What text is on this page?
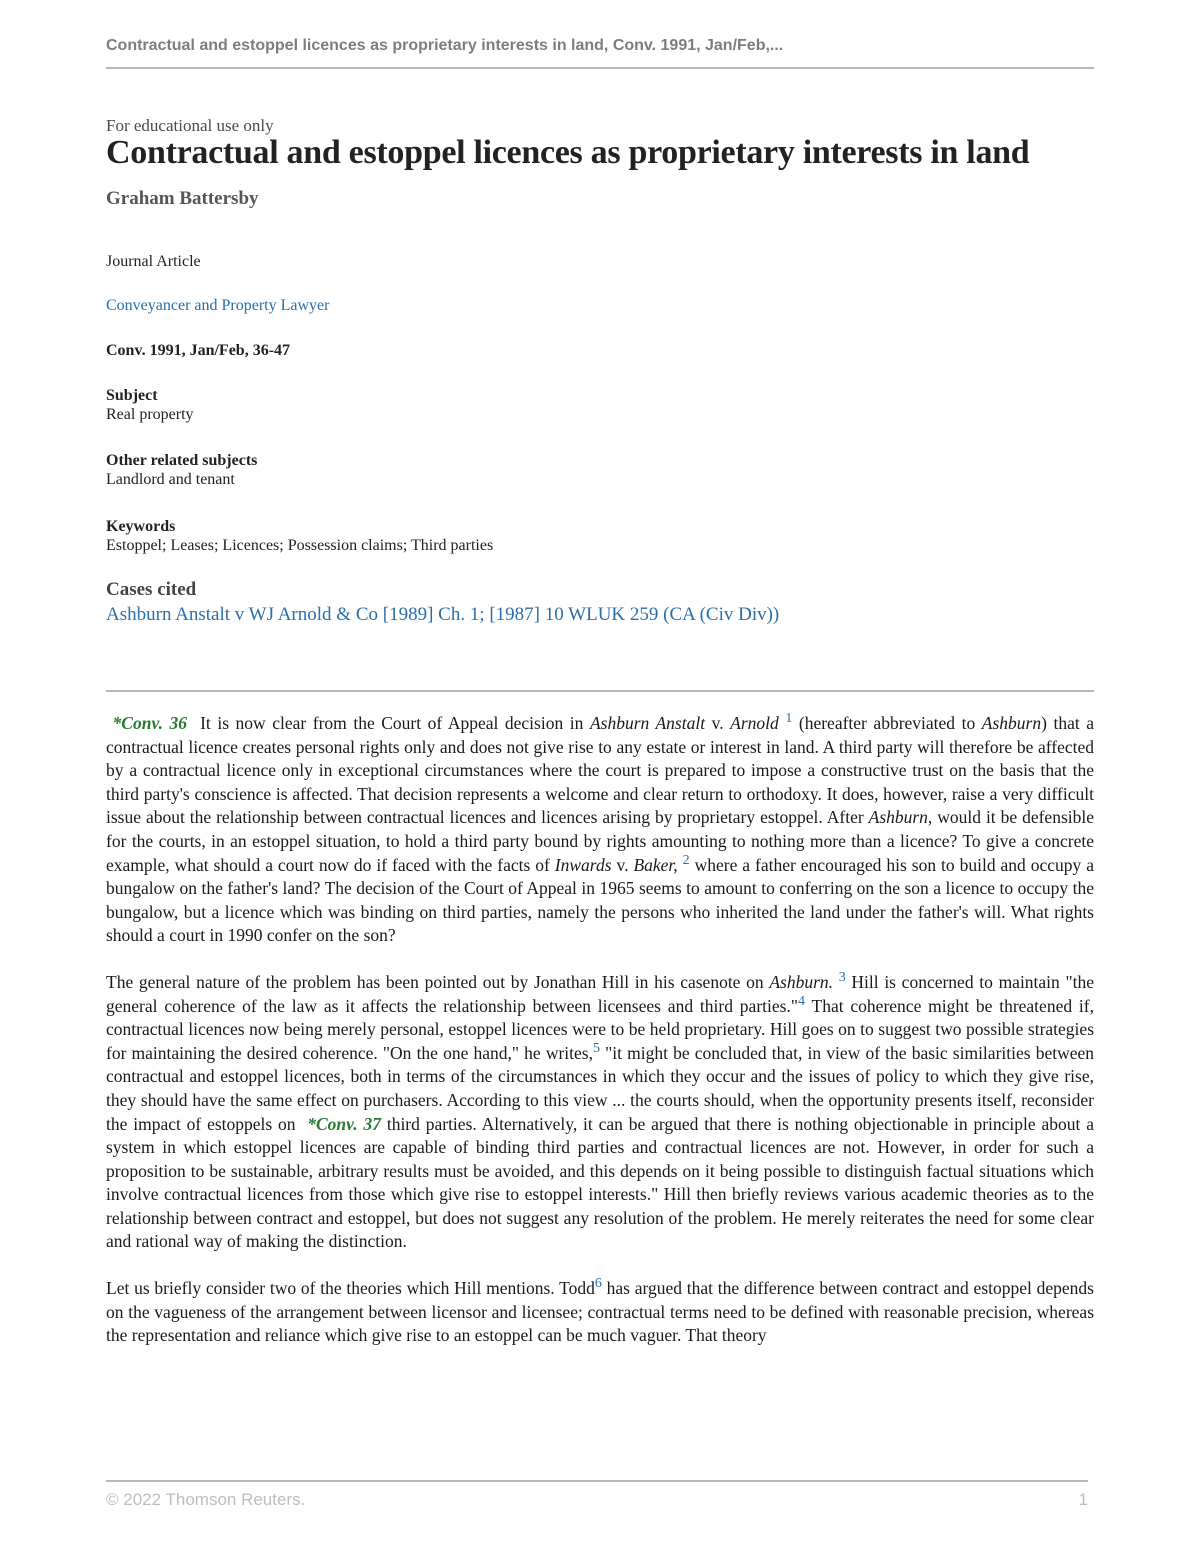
Contractual and estoppel licences as proprietary interests in land, Conv. 1991, Jan/Feb,...
For educational use only
Contractual and estoppel licences as proprietary interests in land
Graham Battersby
Journal Article
Conveyancer and Property Lawyer
Conv. 1991, Jan/Feb, 36-47
Subject
Real property
Other related subjects
Landlord and tenant
Keywords
Estoppel; Leases; Licences; Possession claims; Third parties
Cases cited
Ashburn Anstalt v WJ Arnold & Co [1989] Ch. 1; [1987] 10 WLUK 259 (CA (Civ Div))

*Conv. 36 It is now clear from the Court of Appeal decision in Ashburn Anstalt v. Arnold $^1$ (hereafter abbreviated to Ashburn) that a contractual licence creates personal rights only and does not give rise to any estate or interest in land. A third party will therefore be affected by a contractual licence only in exceptional circumstances where the court is prepared to impose a constructive trust on the basis that the third party's conscience is affected. That decision represents a welcome and clear return to orthodoxy. It does, however, raise a very difficult issue about the relationship between contractual licences and licences arising by proprietary estoppel. After Ashburn, would it be defensible for the courts, in an estoppel situation, to hold a third party bound by rights amounting to nothing more than a licence? To give a concrete example, what should a court now do if faced with the facts of Inwards v. Baker, $^2$ where a father encouraged his son to build and occupy a bungalow on the father's land? The decision of the Court of Appeal in 1965 seems to amount to conferring on the son a licence to occupy the bungalow, but a licence which was binding on third parties, namely the persons who inherited the land under the father's will. What rights should a court in 1990 confer on the son?

The general nature of the problem has been pointed out by Jonathan Hill in his casenote on Ashburn. $^3$ Hill is concerned to maintain "the general coherence of the law as it affects the relationship between licensees and third parties."$^4$ That coherence might be threatened if, contractual licences now being merely personal, estoppel licences were to be held proprietary. Hill goes on to suggest two possible strategies for maintaining the desired coherence. "On the one hand," he writes,$^5$ "it might be concluded that, in view of the basic similarities between contractual and estoppel licences, both in terms of the circumstances in which they occur and the issues of policy to which they give rise, they should have the same effect on purchasers. According to this view ... the courts should, when the opportunity presents itself, reconsider the impact of estoppels on  *Conv. 37 third parties. Alternatively, it can be argued that there is nothing objectionable in principle about a system in which estoppel licences are capable of binding third parties and contractual licences are not. However, in order for such a proposition to be sustainable, arbitrary results must be avoided, and this depends on it being possible to distinguish factual situations which involve contractual licences from those which give rise to estoppel interests." Hill then briefly reviews various academic theories as to the relationship between contract and estoppel, but does not suggest any resolution of the problem. He merely reiterates the need for some clear and rational way of making the distinction.

Let us briefly consider two of the theories which Hill mentions. Todd$^6$ has argued that the difference between contract and estoppel depends on the vagueness of the arrangement between licensor and licensee; contractual terms need to be defined with reasonable precision, whereas the representation and reliance which give rise to an estoppel can be much vaguer. That theory

© 2022 Thomson Reuters.	1
